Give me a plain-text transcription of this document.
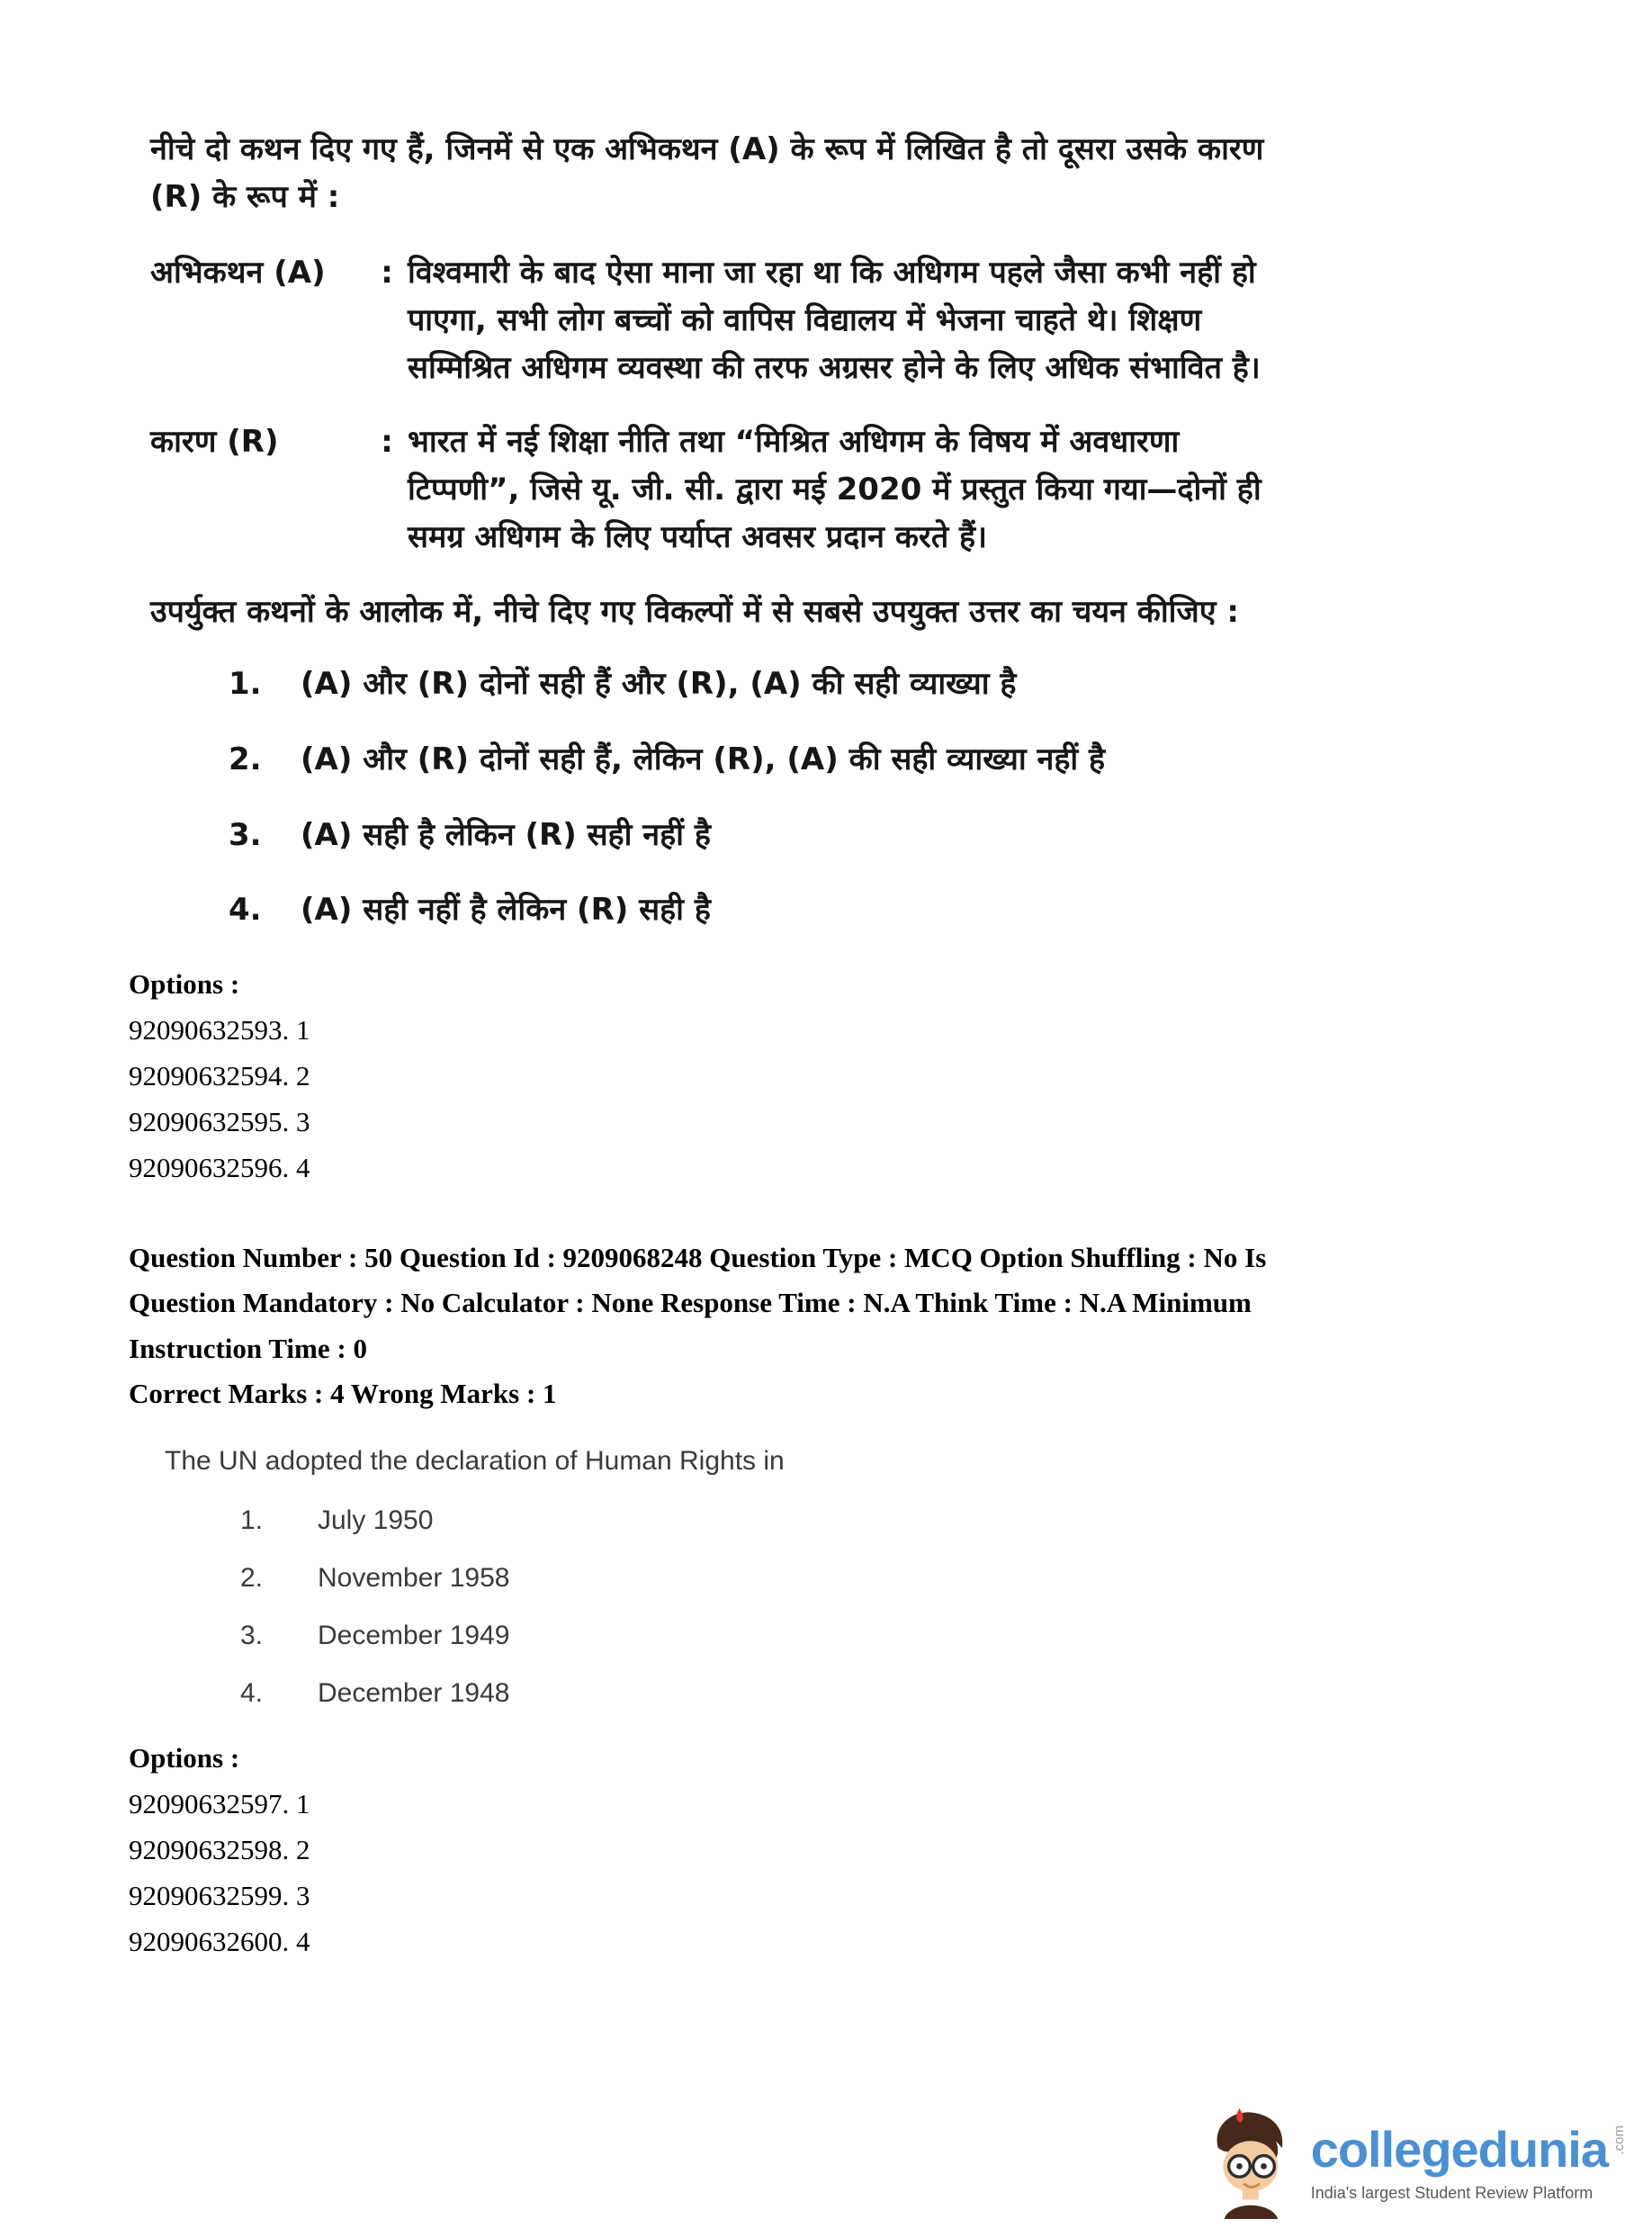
नीचे दो कथन दिए गए हैं, जिनमें से एक अभिकथन (A) के रूप में लिखित है तो दूसरा उसके कारण (R) के रूप में :

अभिकथन (A)	: विश्वमारी के बाद ऐसा माना जा रहा था कि अधिगम पहले जैसा कभी नहीं हो पाएगा, सभी लोग बच्चों को वापिस विद्यालय में भेजना चाहते थे। शिक्षण सम्मिश्रित अधिगम व्यवस्था की तरफ अग्रसर होने के लिए अधिक संभावित है।
कारण (R)	: भारत में नई शिक्षा नीति तथा “मिश्रित अधिगम के विषय में अवधारणा टिप्पणी”, जिसे यू. जी. सी. द्वारा मई 2020 में प्रस्तुत किया गया—दोनों ही समग्र अधिगम के लिए पर्याप्त अवसर प्रदान करते हैं।

उपर्युक्त कथनों के आलोक में, नीचे दिए गए विकल्पों में से सबसे उपयुक्त उत्तर का चयन कीजिए :

1.	(A) और (R) दोनों सही हैं और (R), (A) की सही व्याख्या है
2.	(A) और (R) दोनों सही हैं, लेकिन (R), (A) की सही व्याख्या नहीं है
3.	(A) सही है लेकिन (R) सही नहीं है
4.	(A) सही नहीं है लेकिन (R) सही है
Options :
92090632593. 1
92090632594. 2
92090632595. 3
92090632596. 4
Question Number : 50 Question Id : 9209068248 Question Type : MCQ Option Shuffling : No Is
Question Mandatory : No Calculator : None Response Time : N.A Think Time : N.A Minimum
Instruction Time : 0
Correct Marks : 4 Wrong Marks : 1

The UN adopted the declaration of Human Rights in

1.	July 1950
2.	November 1958
3.	December 1949
4.	December 1948
Options :
92090632597. 1
92090632598. 2
92090632599. 3
92090632600. 4
collegedunia .com
India's largest Student Review Platform
